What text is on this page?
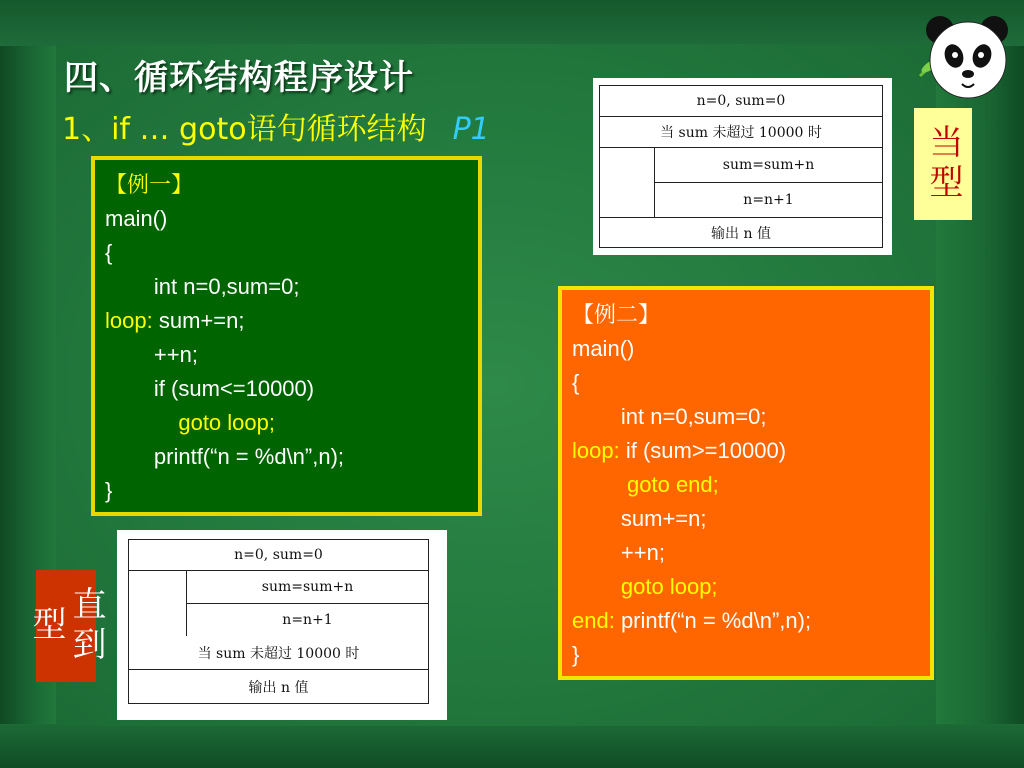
四、循环结构程序设计
1、if … goto语句循环结构 P1
n=0, sum=0
当 sum 未超过 10000 时
sum=sum+n
n=n+1
输出 n 值
n=0, sum=0
sum=sum+n
n=n+1
当 sum 未超过 10000 时
输出 n 值
【例一】
main()
{
int n=0,sum=0;
loop: sum+=n;
++n;
if (sum<=10000)
goto loop;
printf(“n = %d\n”,n);
}
【例二】
main()
{
int n=0,sum=0;
loop: if (sum>=10000)
goto end;
sum+=n;
++n;
goto loop;
end: printf(“n = %d\n”,n);
}
当型
直到型
